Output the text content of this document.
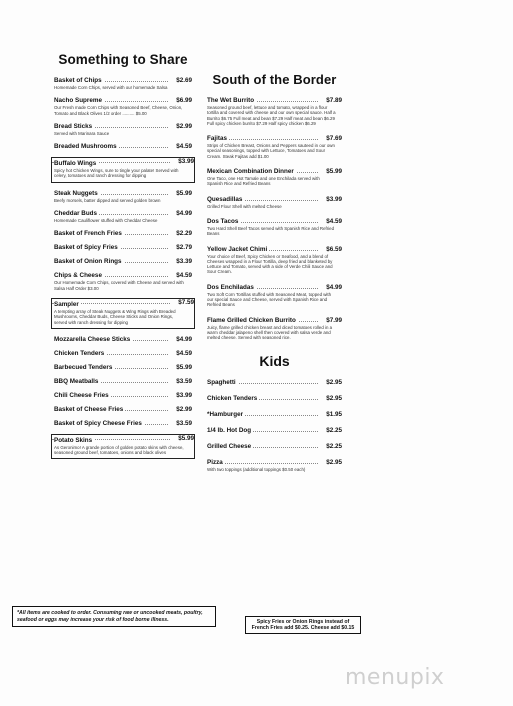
Something to Share
Basket of Chips	$2.69
Homemade Corn Chips, served with our homemade Salsa
Nacho Supreme	$6.99
Our Fresh made Corn Chips with Seasoned Beef, Cheese, Onion, Tomato and Black Olives 1/2 order .......... $5.00
Bread Sticks	$2.99
Served with Marinara Sauce
Breaded Mushrooms	$4.59
Buffalo Wings	$3.99
Spicy hot Chicken Wings, sure to tingle your palate! Served with celery, tomatoes and ranch dressing for dipping
Steak Nuggets	$5.99
Beefy morsels, batter dipped and served golden brown
Cheddar Buds	$4.99
Homemade Cauliflower stuffed with Cheddar Cheese
Basket of French Fries	$2.29
Basket of Spicy Fries	$2.79
Basket of Onion Rings	$3.39
Chips & Cheese	$4.59
Our Homemade Corn Chips, covered with Cheese and served with Salsa Half Order $3.00
Sampler	$7.59
A tempting array of Steak Nuggets & Wing Rings with Breaded Mushrooms, Cheddar Buds, Cheese Sticks and Onion Rings, served with ranch dressing for dipping
Mozzarella Cheese Sticks	$4.99
Chicken Tenders	$4.59
Barbecued Tenders	$5.99
BBQ Meatballs	$3.59
Chili Cheese Fries	$3.99
Basket of Cheese Fries	$2.99
Basket of Spicy Cheese Fries	$3.59
Potato Skins	$5.99
As Geronimo! A grande portion of golden potato skins with cheese, seasoned ground beef, tomatoes, onions and black olives
*All items are cooked to order. Consuming raw or uncooked meats, poultry, seafood or eggs may increase your risk of food borne illness.
South of the Border
The Wet Burrito	$7.89
Seasoned ground beef, lettuce and tomato, wrapped in a flour tortilla and covered with cheese and our own special sauce. Half a Burrito $6.75 Full meat and bean $7.29 Half meat and bean $6.29 Full spicy chicken burrito $7.29 Half spicy chicken $6.29
Fajitas	$7.69
Strips of Chicken Breast, Onions and Peppers sauteed in our own special seasonings, topped with Lettuce, Tomatoes and Sour Cream. Steak Fajitas add $1.00
Mexican Combination Dinner	$5.99
One Taco, one Hot Tamale and one Enchilada served with Spanish Rice and Refried Beans
Quesadillas	$3.99
Grilled Flour Shell with melted Cheese
Dos Tacos	$4.59
Two Hard Shell Beef Tacos served with Spanish Rice and Refried Beans
Yellow Jacket Chimi	$6.59
Your choice of Beef, Spicy Chicken or Seafood, and a blend of Cheeses wrapped in a Flour Tortilla, deep fried and blanketed by Lettuce and Tomato, served with a side of Verde Chili Sauce and Sour Cream.
Dos Enchiladas	$4.99
Two Soft Corn Tortillas stuffed with Seasoned Meat, topped with our special Sauce and Cheese, served with Spanish Rice and Refried Beans
Flame Grilled Chicken Burrito	$7.99
Juicy, flame grilled chicken breast and diced tomatoes rolled in a warm cheddar jalapeno shell then covered with salsa verde and melted cheese. Served with seasoned rice.
Kids
Spaghetti	$2.95
Chicken Tenders	$2.95
*Hamburger	$1.95
1/4 lb. Hot Dog	$2.25
Grilled Cheese	$2.25
Pizza	$2.95
With two toppings (additional toppings $0.50 each)
Spicy Fries or Onion Rings instead of French Fries add $0.25. Cheese add $0.15
menupix
